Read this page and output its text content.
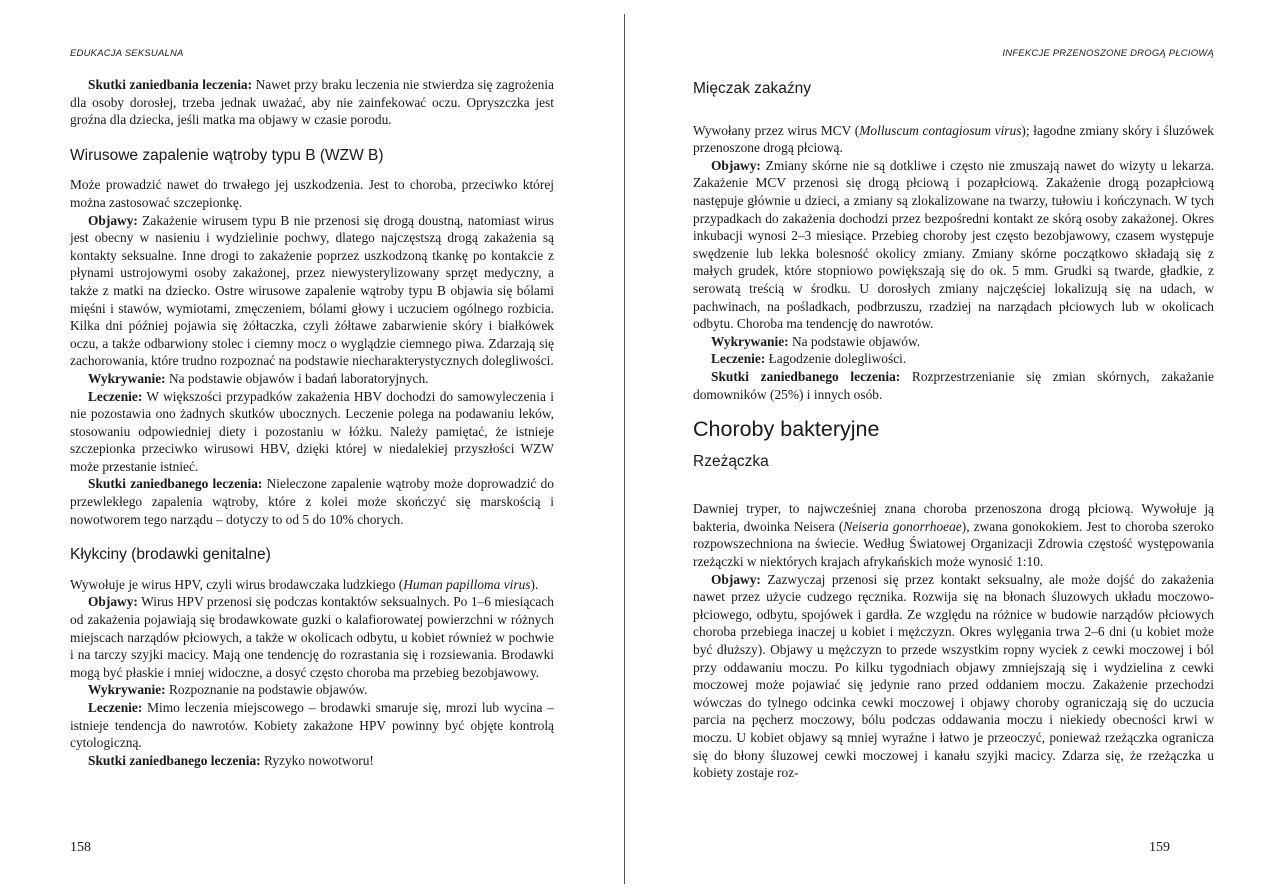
EDUKACJA SEKSUALNA

Skutki zaniedbania leczenia: Nawet przy braku leczenia nie stwierdza się zagrożenia dla osoby dorosłej, trzeba jednak uważać, aby nie zainfekować oczu. Opryszczka jest groźna dla dziecka, jeśli matka ma objawy w czasie porodu.

Wirusowe zapalenie wątroby typu B (WZW B)

Może prowadzić nawet do trwałego jej uszkodzenia. Jest to choroba, przeciwko której można zastosować szczepionkę.

Objawy: Zakażenie wirusem typu B nie przenosi się drogą doustną, natomiast wirus jest obecny w nasieniu i wydzielinie pochwy, dlatego najczęstszą drogą zakażenia są kontakty seksualne. Inne drogi to zakażenie poprzez uszkodzoną tkankę po kontakcie z płynami ustrojowymi osoby zakażonej, przez niewysterylizowany sprzęt medyczny, a także z matki na dziecko. Ostre wirusowe zapalenie wątroby typu B objawia się bólami mięśni i stawów, wymiotami, zmęczeniem, bólami głowy i uczuciem ogólnego rozbicia. Kilka dni później pojawia się żółtaczka, czyli żółtawe zabarwienie skóry i białkówek oczu, a także odbarwiony stolec i ciemny mocz o wyglądzie ciemnego piwa. Zdarzają się zachorowania, które trudno rozpoznać na podstawie niecharakterystycznych dolegliwości.

Wykrywanie: Na podstawie objawów i badań laboratoryjnych.

Leczenie: W większości przypadków zakażenia HBV dochodzi do samowyleczenia i nie pozostawia ono żadnych skutków ubocznych. Leczenie polega na podawaniu leków, stosowaniu odpowiedniej diety i pozostaniu w łóżku. Należy pamiętać, że istnieje szczepionka przeciwko wirusowi HBV, dzięki której w niedalekiej przyszłości WZW może przestanie istnieć.

Skutki zaniedbanego leczenia: Nieleczone zapalenie wątroby może doprowadzić do przewlekłego zapalenia wątroby, które z kolei może skończyć się marskością i nowotworem tego narządu – dotyczy to od 5 do 10% chorych.

Kłykciny (brodawki genitalne)

Wywołuje je wirus HPV, czyli wirus brodawczaka ludzkiego (Human papilloma virus).

Objawy: Wirus HPV przenosi się podczas kontaktów seksualnych. Po 1–6 miesiącach od zakażenia pojawiają się brodawkowate guzki o kalafiorowatej powierzchni w różnych miejscach narządów płciowych, a także w okolicach odbytu, u kobiet również w pochwie i na tarczy szyjki macicy. Mają one tendencję do rozrastania się i rozsiewania. Brodawki mogą być płaskie i mniej widoczne, a dosyć często choroba ma przebieg bezobjawowy.

Wykrywanie: Rozpoznanie na podstawie objawów.

Leczenie: Mimo leczenia miejscowego – brodawki smaruje się, mrozi lub wycina – istnieje tendencja do nawrotów. Kobiety zakażone HPV powinny być objęte kontrolą cytologiczną.

Skutki zaniedbanego leczenia: Ryzyko nowotworu!

158
INFEKCJE PRZENOSZONE DROGĄ PŁCIOWĄ
Mięczak zakaźny

Wywołany przez wirus MCV (Molluscum contagiosum virus); łagodne zmiany skóry i śluzówek przenoszone drogą płciową.

Objawy: Zmiany skórne nie są dotkliwe i często nie zmuszają nawet do wizyty u lekarza. Zakażenie MCV przenosi się drogą płciową i pozapłciową. Zakażenie drogą pozapłciową następuje głównie u dzieci, a zmiany są zlokalizowane na twarzy, tułowiu i kończynach. W tych przypadkach do zakażenia dochodzi przez bezpośredni kontakt ze skórą osoby zakażonej. Okres inkubacji wynosi 2–3 miesiące. Przebieg choroby jest często bezobjawowy, czasem występuje swędzenie lub lekka bolesność okolicy zmiany. Zmiany skórne początkowo składają się z małych grudek, które stopniowo powiększają się do ok. 5 mm. Grudki są twarde, gładkie, z serowatą treścią w środku. U dorosłych zmiany najczęściej lokalizują się na udach, w pachwinach, na pośladkach, podbrzuszu, rzadziej na narządach płciowych lub w okolicach odbytu. Choroba ma tendencję do nawrotów.

Wykrywanie: Na podstawie objawów.

Leczenie: Łagodzenie dolegliwości.

Skutki zaniedbanego leczenia: Rozprzestrzenianie się zmian skórnych, zakażanie domowników (25%) i innych osób.

Choroby bakteryjne
Rzeżączka

Dawniej tryper, to najwcześniej znana choroba przenoszona drogą płciową. Wywołuje ją bakteria, dwoinka Neisera (Neiseria gonorrhoeae), zwana gonokokiem. Jest to choroba szeroko rozpowszechniona na świecie. Według Światowej Organizacji Zdrowia częstość występowania rzeżączki w niektórych krajach afrykańskich może wynosić 1:10.

Objawy: Zazwyczaj przenosi się przez kontakt seksualny, ale może dojść do zakażenia nawet przez użycie cudzego ręcznika. Rozwija się na błonach śluzowych układu moczowo-płciowego, odbytu, spojówek i gardła. Ze względu na różnice w budowie narządów płciowych choroba przebiega inaczej u kobiet i mężczyzn. Okres wylęgania trwa 2–6 dni (u kobiet może być dłuższy). Objawy u mężczyzn to przede wszystkim ropny wyciek z cewki moczowej i ból przy oddawaniu moczu. Po kilku tygodniach objawy zmniejszają się i wydzielina z cewki moczowej może pojawiać się jedynie rano przed oddaniem moczu. Zakażenie przechodzi wówczas do tylnego odcinka cewki moczowej i objawy choroby ograniczają się do uczucia parcia na pęcherz moczowy, bólu podczas oddawania moczu i niekiedy obecności krwi w moczu. U kobiet objawy są mniej wyraźne i łatwo je przeoczyć, ponieważ rzeżączka ogranicza się do błony śluzowej cewki moczowej i kanału szyjki macicy. Zdarza się, że rzeżączka u kobiety zostaje roz-

159
